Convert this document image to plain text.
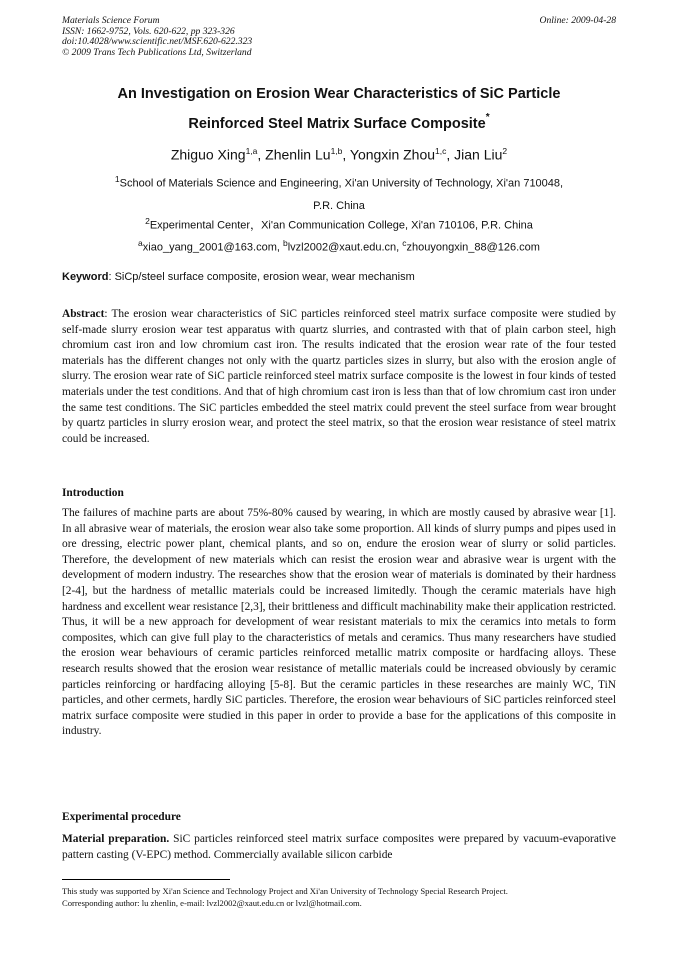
Materials Science Forum
ISSN: 1662-9752, Vols. 620-622, pp 323-326
doi:10.4028/www.scientific.net/MSF.620-622.323
© 2009 Trans Tech Publications Ltd, Switzerland
Online: 2009-04-28
An Investigation on Erosion Wear Characteristics of SiC Particle
Reinforced Steel Matrix Surface Composite*
Zhiguo Xing$^{1,a}$, Zhenlin Lu$^{1,b}$, Yongxin Zhou$^{1,c}$, Jian Liu$^2$
$^1$School of Materials Science and Engineering, Xi'an University of Technology, Xi'an 710048,
P.R. China
$^2$Experimental Center，Xi'an Communication College, Xi'an 710106, P.R. China
$^a$xiao_yang_2001@163.com, $^b$lvzl2002@xaut.edu.cn, $^c$zhouyongxin_88@126.com
Keyword: SiCp/steel surface composite, erosion wear, wear mechanism
Abstract: The erosion wear characteristics of SiC particles reinforced steel matrix surface composite were studied by self-made slurry erosion wear test apparatus with quartz slurries, and contrasted with that of plain carbon steel, high chromium cast iron and low chromium cast iron. The results indicated that the erosion wear rate of the four tested materials has the different changes not only with the quartz particles sizes in slurry, but also with the erosion angle of slurry. The erosion wear rate of SiC particle reinforced steel matrix surface composite is the lowest in four kinds of tested materials under the test conditions. And that of high chromium cast iron is less than that of low chromium cast iron under the same test conditions. The SiC particles embedded the steel matrix could prevent the steel surface from wear brought by quartz particles in slurry erosion wear, and protect the steel matrix, so that the erosion wear resistance of steel matrix could be increased.
Introduction
The failures of machine parts are about 75%-80% caused by wearing, in which are mostly caused by abrasive wear [1]. In all abrasive wear of materials, the erosion wear also take some proportion. All kinds of slurry pumps and pipes used in ore dressing, electric power plant, chemical plants, and so on, endure the erosion wear of slurry or solid particles. Therefore, the development of new materials which can resist the erosion wear and abrasive wear is urgent with the development of modern industry. The researches show that the erosion wear of materials is dominated by their hardness [2-4], but the hardness of metallic materials could be increased limitedly. Though the ceramic materials have high hardness and excellent wear resistance [2,3], their brittleness and difficult machinability make their application restricted. Thus, it will be a new approach for development of wear resistant materials to mix the ceramics into metals to form composites, which can give full play to the characteristics of metals and ceramics. Thus many researchers have studied the erosion wear behaviours of ceramic particles reinforced metallic matrix composite or hardfacing alloys. These research results showed that the erosion wear resistance of metallic materials could be increased obviously by ceramic particles reinforcing or hardfacing alloying [5-8]. But the ceramic particles in these researches are mainly WC, TiN particles, and other cermets, hardly SiC particles. Therefore, the erosion wear behaviours of SiC particles reinforced steel matrix surface composite were studied in this paper in order to provide a base for the applications of this composite in industry.
Experimental procedure
Material preparation. SiC particles reinforced steel matrix surface composites were prepared by vacuum-evaporative pattern casting (V-EPC) method. Commercially available silicon carbide
This study was supported by Xi'an Science and Technology Project and Xi'an University of Technology Special Research Project.
Corresponding author: lu zhenlin, e-mail: lvzl2002@xaut.edu.cn or lvzl@hotmail.com.
